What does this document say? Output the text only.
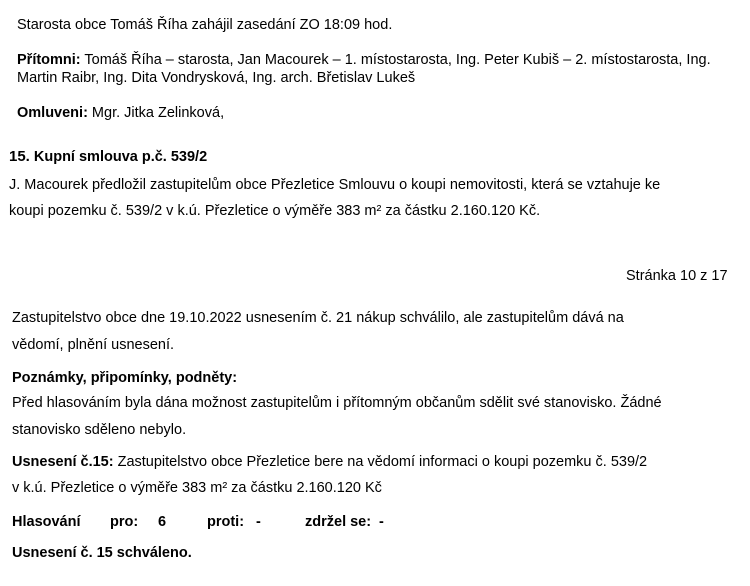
Starosta obce Tomáš Říha zahájil zasedání ZO 18:09 hod.
Přítomni: Tomáš Říha – starosta, Jan Macourek – 1. místostarosta, Ing. Peter Kubiš – 2. místostarosta, Ing.
Martin Raibr, Ing. Dita Vondrysková, Ing. arch. Břetislav Lukeš
Omluveni: Mgr. Jitka Zelinková,
15. Kupní smlouva p.č. 539/2
J. Macourek předložil zastupitelům obce Přezletice Smlouvu o koupi nemovitosti, která se vztahuje ke
koupi pozemku č. 539/2 v k.ú. Přezletice o výměře 383 m² za částku 2.160.120 Kč.
Stránka 10 z 17
Zastupitelstvo obce dne 19.10.2022 usnesením č. 21 nákup schválilo, ale zastupitelům dává na
vědomí, plnění usnesení.
Poznámky, připomínky, podněty:
Před hlasováním byla dána možnost zastupitelům i přítomným občanům sdělit své stanovisko. Žádné
stanovisko sděleno nebylo.
Usnesení č.15: Zastupitelstvo obce Přezletice bere na vědomí informaci o koupi pozemku č. 539/2
v k.ú. Přezletice o výměře 383 m² za částku 2.160.120 Kč
Hlasování pro: 6	proti: -	zdržel se: -
Usnesení č. 15 schváleno.
